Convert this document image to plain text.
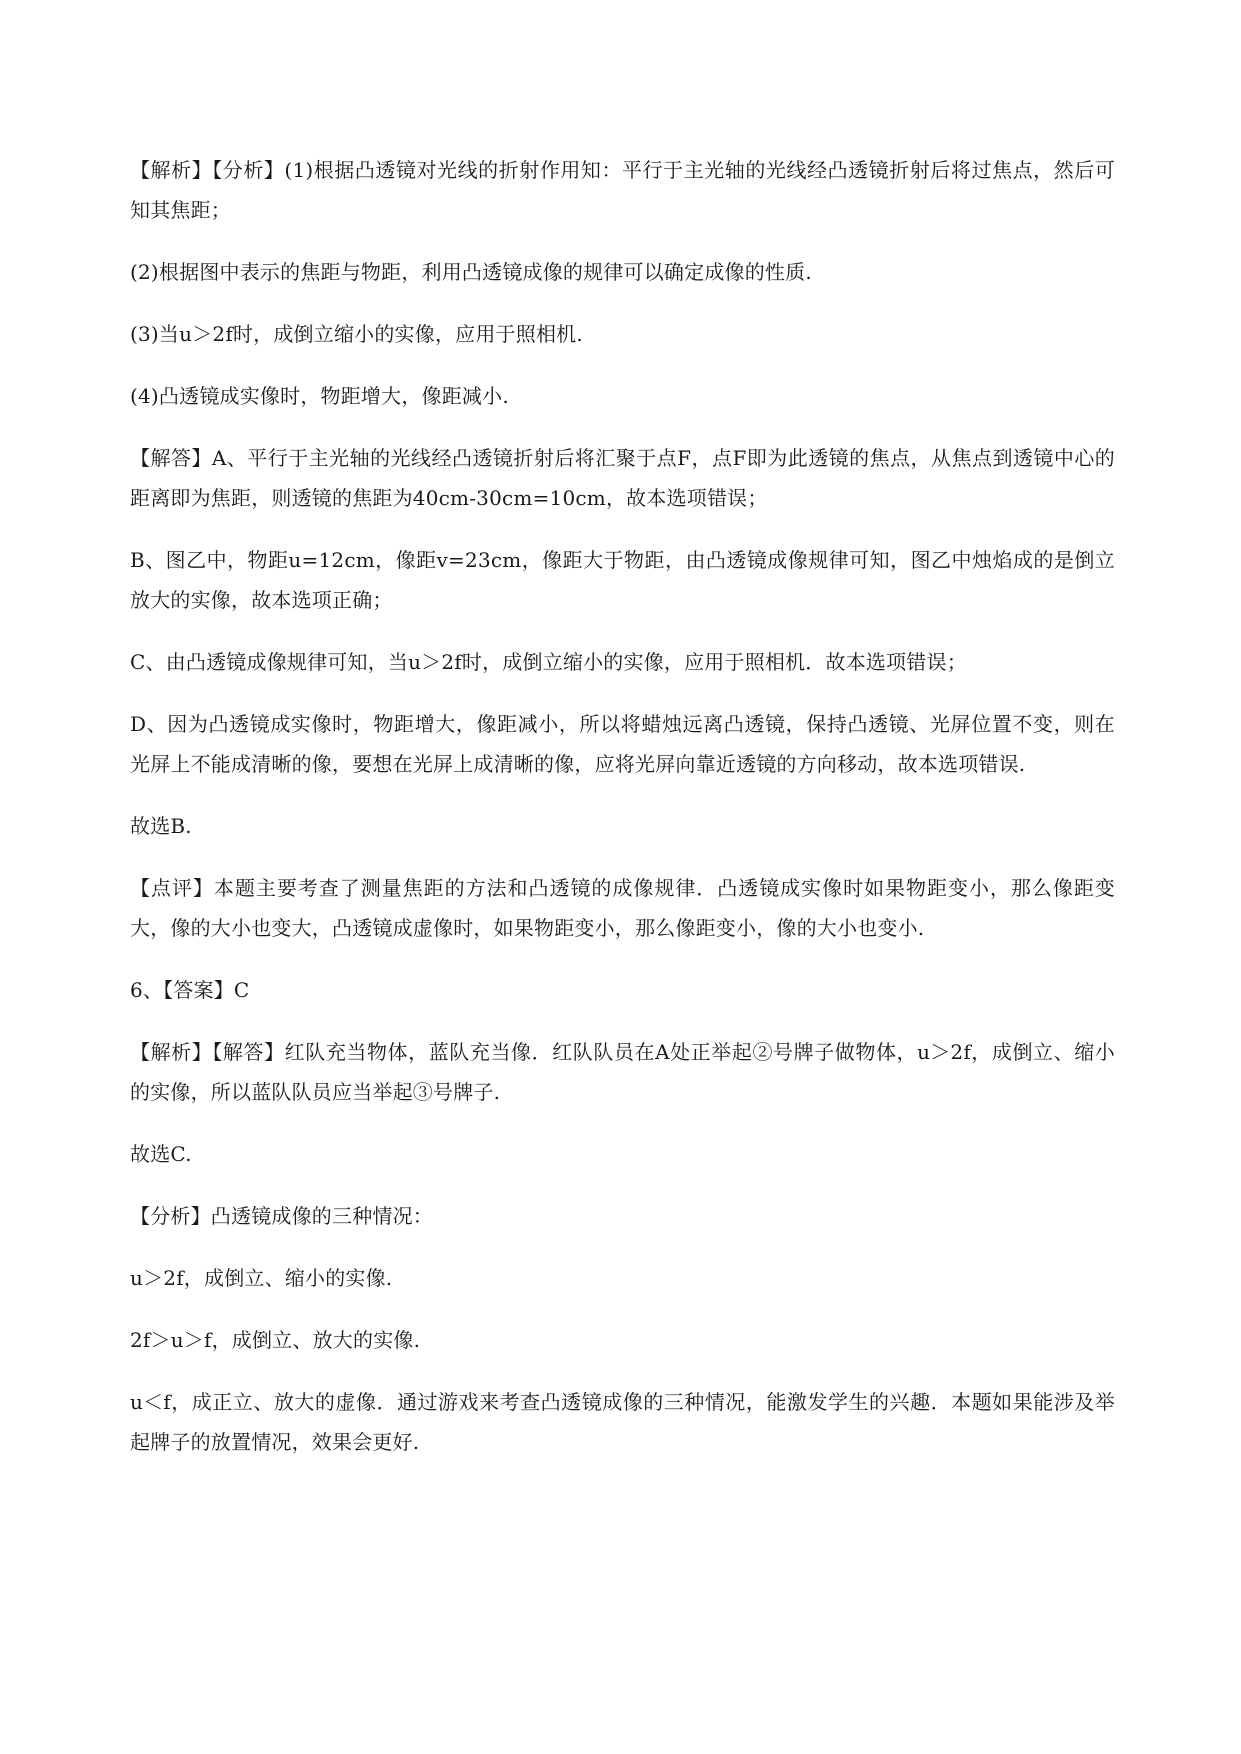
【解析】【分析】(1)根据凸透镜对光线的折射作用知：平行于主光轴的光线经凸透镜折射后将过焦点，然后可知其焦距；

(2)根据图中表示的焦距与物距，利用凸透镜成像的规律可以确定成像的性质.

(3)当u＞2f时，成倒立缩小的实像，应用于照相机.

(4)凸透镜成实像时，物距增大，像距减小.

【解答】A、平行于主光轴的光线经凸透镜折射后将汇聚于点F，点F即为此透镜的焦点，从焦点到透镜中心的距离即为焦距，则透镜的焦距为40cm-30cm=10cm，故本选项错误；

B、图乙中，物距u=12cm，像距v=23cm，像距大于物距，由凸透镜成像规律可知，图乙中烛焰成的是倒立放大的实像，故本选项正确；

C、由凸透镜成像规律可知，当u＞2f时，成倒立缩小的实像，应用于照相机．故本选项错误；

D、因为凸透镜成实像时，物距增大，像距减小，所以将蜡烛远离凸透镜，保持凸透镜、光屏位置不变，则在光屏上不能成清晰的像，要想在光屏上成清晰的像，应将光屏向靠近透镜的方向移动，故本选项错误.

故选B.

【点评】本题主要考查了测量焦距的方法和凸透镜的成像规律．凸透镜成实像时如果物距变小，那么像距变大，像的大小也变大，凸透镜成虚像时，如果物距变小，那么像距变小，像的大小也变小.

6、【答案】C

【解析】【解答】红队充当物体，蓝队充当像．红队队员在A处正举起②号牌子做物体，u＞2f，成倒立、缩小的实像，所以蓝队队员应当举起③号牌子.

故选C.

【分析】凸透镜成像的三种情况：

u＞2f，成倒立、缩小的实像.

2f＞u＞f，成倒立、放大的实像.

u＜f，成正立、放大的虚像．通过游戏来考查凸透镜成像的三种情况，能激发学生的兴趣．本题如果能涉及举起牌子的放置情况，效果会更好.
